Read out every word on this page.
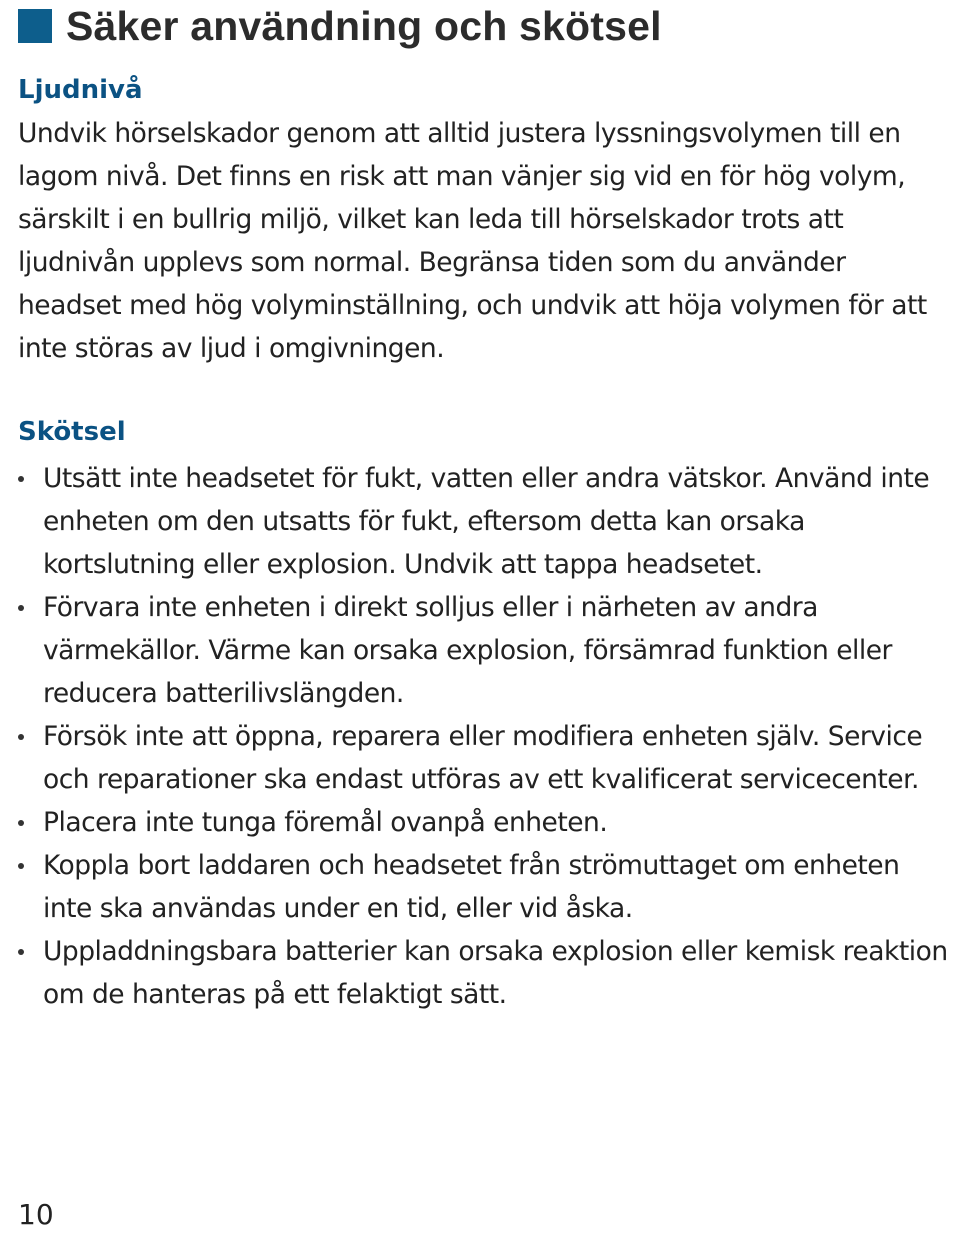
Säker användning och skötsel
Ljudnivå

Undvik hörselskador genom att alltid justera lyssningsvolymen till en lagom nivå. Det finns en risk att man vänjer sig vid en för hög volym, särskilt i en bullrig miljö, vilket kan leda till hörselskador trots att ljudnivån upplevs som normal. Begränsa tiden som du använder headset med hög volyminställning, och undvik att höja volymen för att inte störas av ljud i omgivningen.

Skötsel
Utsätt inte headsetet för fukt, vatten eller andra vätskor. Använd inte enheten om den utsatts för fukt, eftersom detta kan orsaka kortslutning eller explosion. Undvik att tappa headsetet.
Förvara inte enheten i direkt solljus eller i närheten av andra värmekällor. Värme kan orsaka explosion, försämrad funktion eller reducera batterilivslängden.
Försök inte att öppna, reparera eller modifiera enheten själv. Service och reparationer ska endast utföras av ett kvalificerat servicecenter.
Placera inte tunga föremål ovanpå enheten.
Koppla bort laddaren och headsetet från strömuttaget om enheten inte ska användas under en tid, eller vid åska.
Uppladdningsbara batterier kan orsaka explosion eller kemisk reaktion om de hanteras på ett felaktigt sätt.
10
